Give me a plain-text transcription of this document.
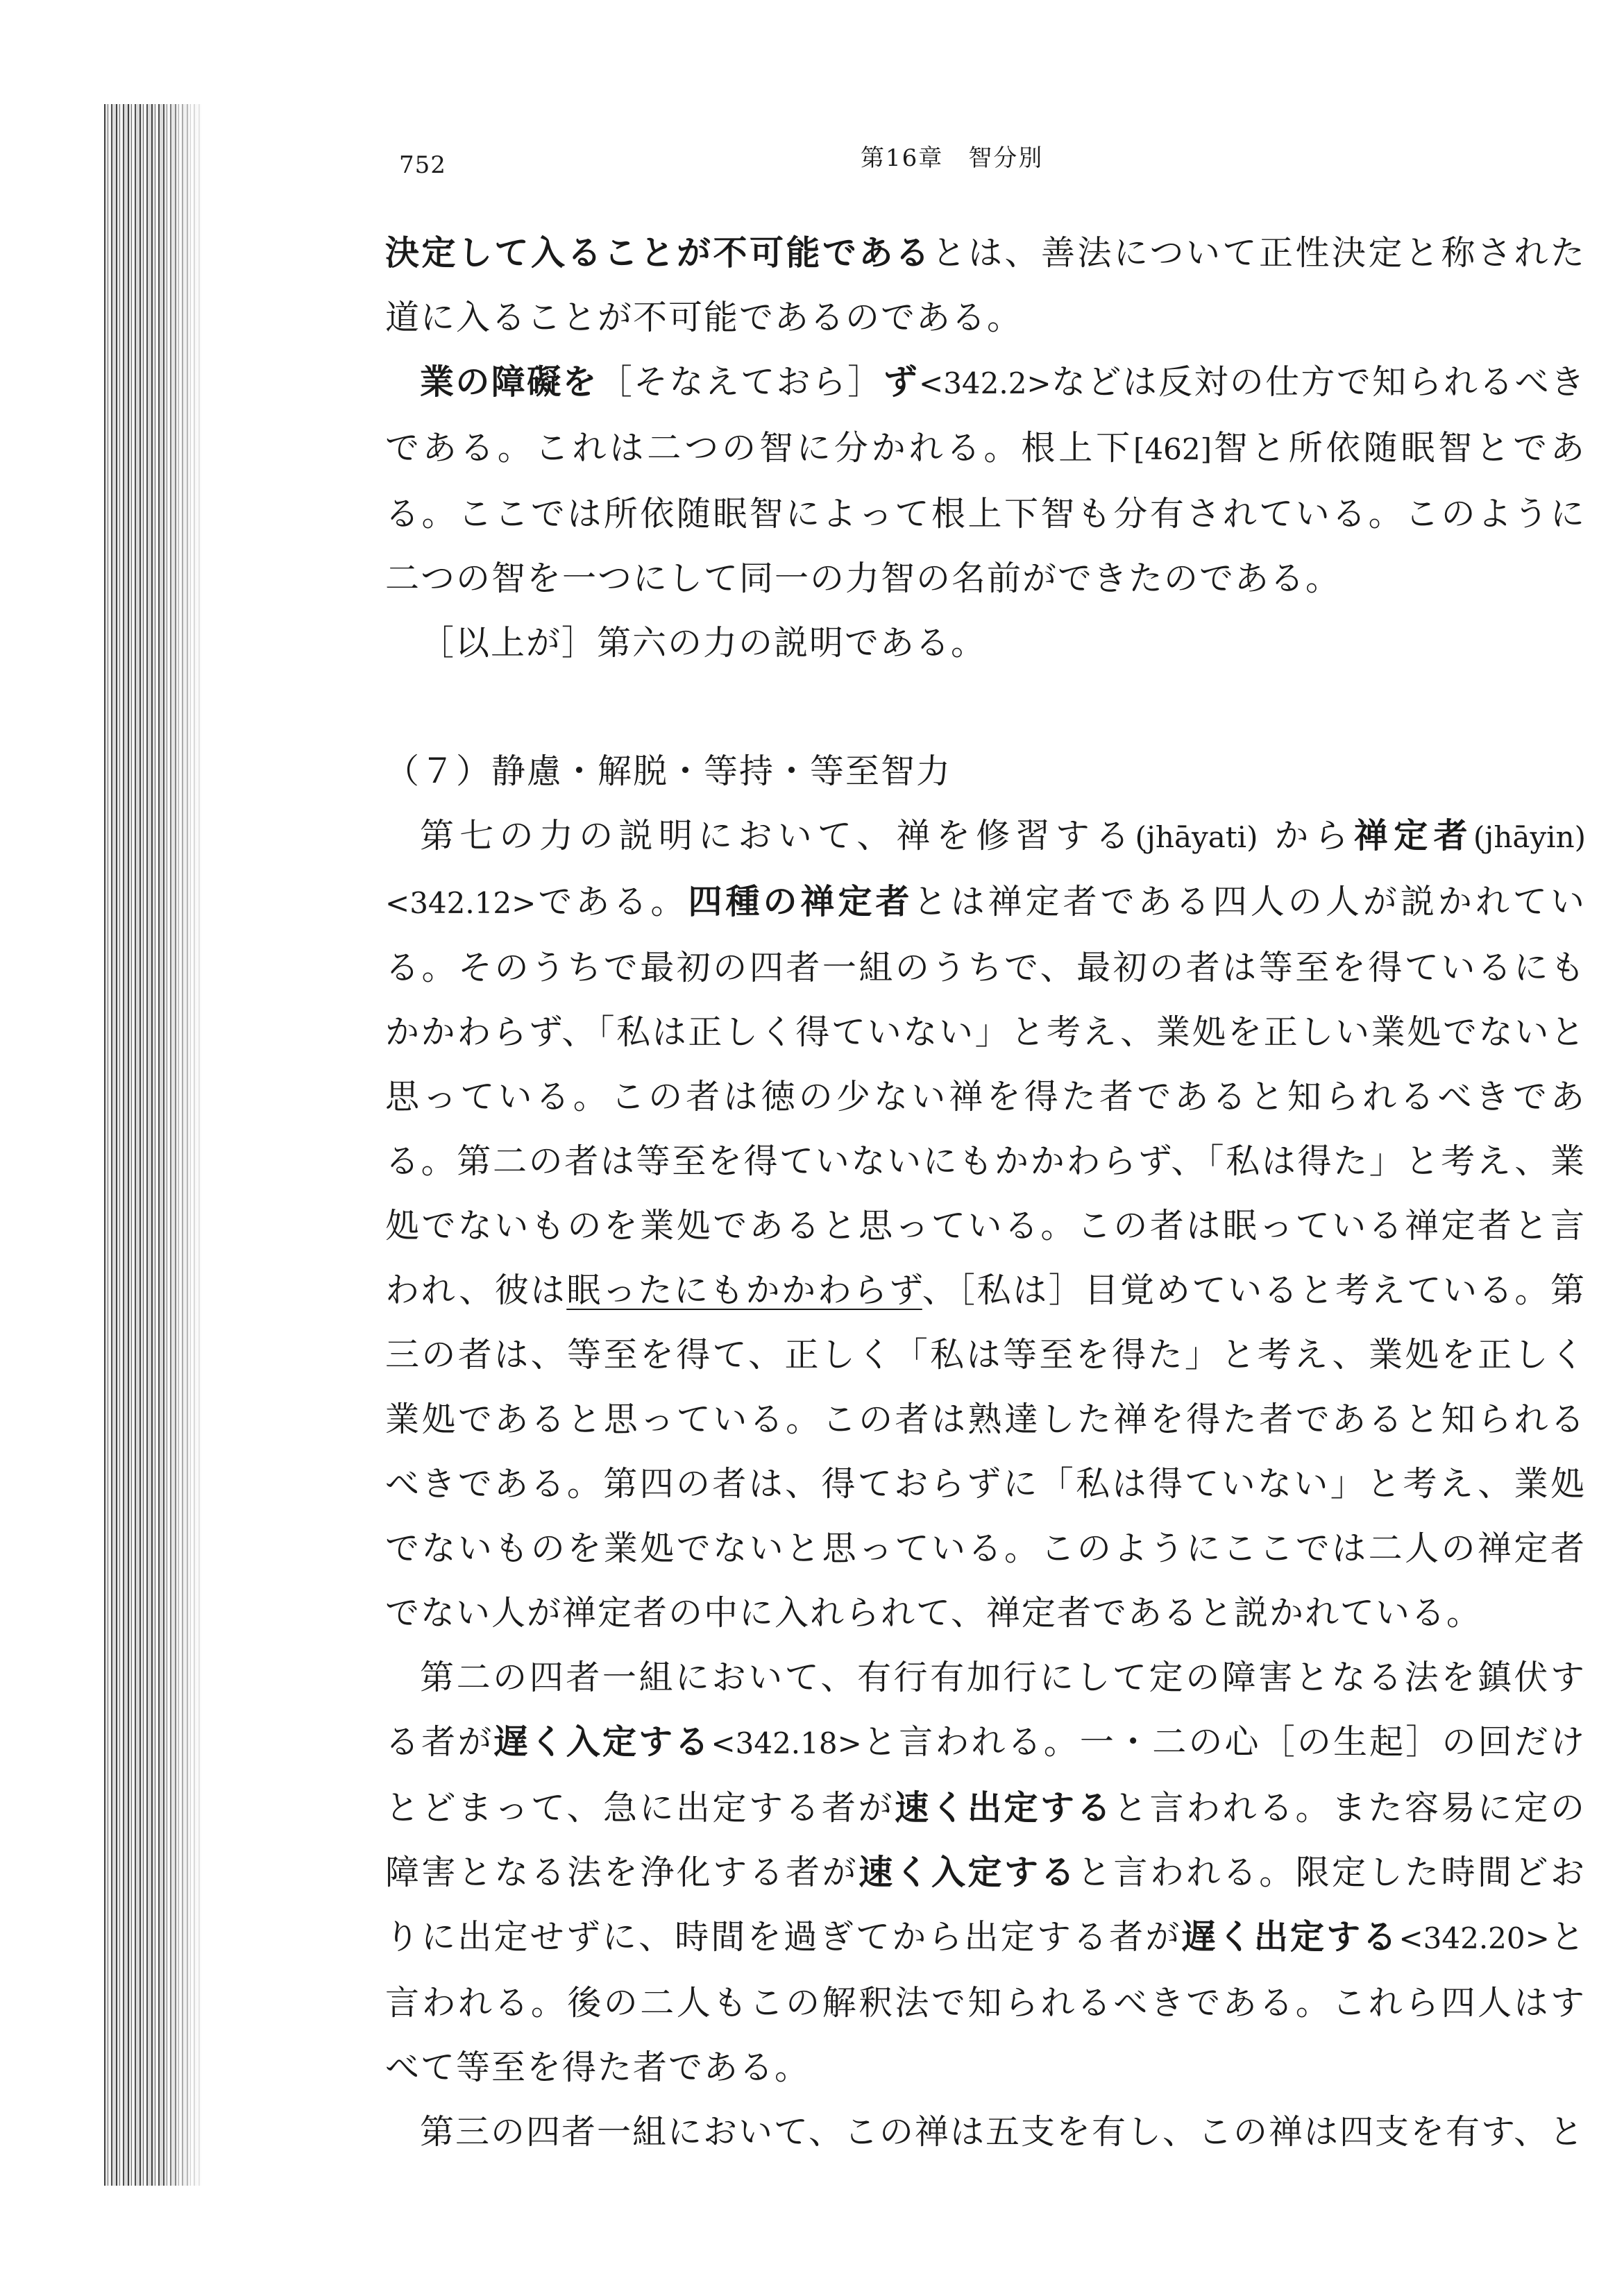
752	第16章　智分別

決定して入ることが不可能であるとは、善法について正性決定と称された道に入ることが不可能であるのである。

業の障礙を［そなえておら］ず<342.2>などは反対の仕方で知られるべきである。これは二つの智に分かれる。根上下[462]智と所依随眠智とである。ここでは所依随眠智によって根上下智も分有されている。このように二つの智を一つにして同一の力智の名前ができたのである。

［以上が］第六の力の説明である。

（７）静慮・解脱・等持・等至智力

第七の力の説明において、禅を修習する(jhāyati) から禅定者(jhāyin)<342.12>である。四種の禅定者とは禅定者である四人の人が説かれている。そのうちで最初の四者一組のうちで、最初の者は等至を得ているにもかかわらず、「私は正しく得ていない」と考え、業処を正しい業処でないと思っている。この者は徳の少ない禅を得た者であると知られるべきである。第二の者は等至を得ていないにもかかわらず、「私は得た」と考え、業処でないものを業処であると思っている。この者は眠っている禅定者と言われ、彼は眠ったにもかかわらず、［私は］目覚めていると考えている。第三の者は、等至を得て、正しく「私は等至を得た」と考え、業処を正しく業処であると思っている。この者は熟達した禅を得た者であると知られるべきである。第四の者は、得ておらずに「私は得ていない」と考え、業処でないものを業処でないと思っている。このようにここでは二人の禅定者でない人が禅定者の中に入れられて、禅定者であると説かれている。

第二の四者一組において、有行有加行にして定の障害となる法を鎮伏する者が遅く入定する<342.18>と言われる。一・二の心［の生起］の回だけとどまって、急に出定する者が速く出定すると言われる。また容易に定の障害となる法を浄化する者が速く入定すると言われる。限定した時間どおりに出定せずに、時間を過ぎてから出定する者が遅く出定する<342.20>と言われる。後の二人もこの解釈法で知られるべきである。これら四人はすべて等至を得た者である。

第三の四者一組において、この禅は五支を有し、この禅は四支を有す、と
